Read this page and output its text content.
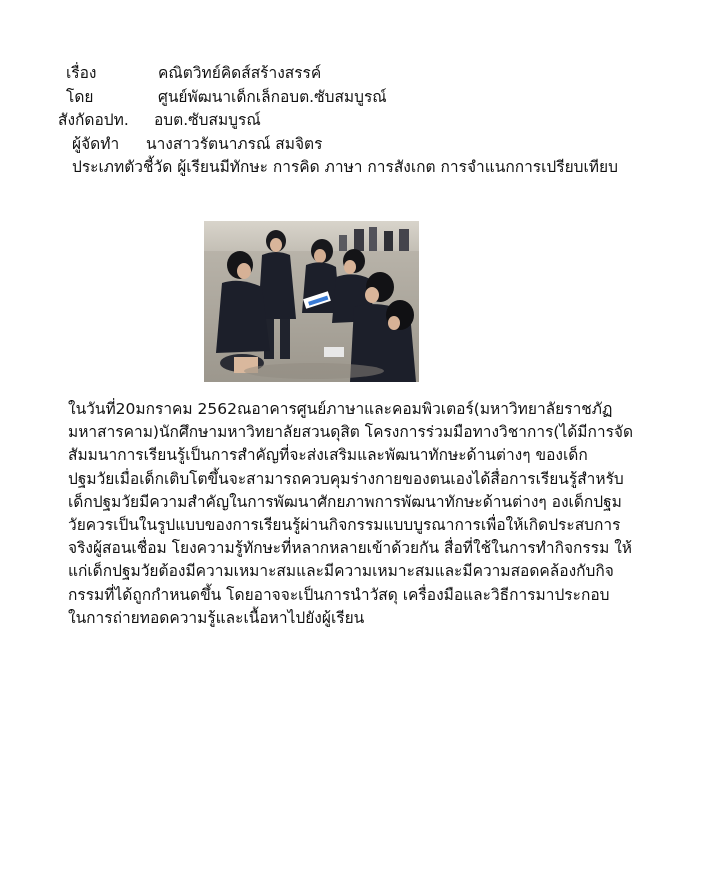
เรื่อง	คณิตวิทย์คิดส์สร้างสรรค์
โดย	ศูนย์พัฒนาเด็กเล็กอบต.ซับสมบูรณ์
สังกัดอปท. อบต.ซับสมบูรณ์
ผู้จัดทำ นางสาวรัตนาภรณ์ สมจิตร
ประเภทตัวชี้วัด ผู้เรียนมีทักษะ การคิด ภาษา การสังเกต การจำแนกการเปรียบเทียบ
ในวันที่20มกราคม 2562ณอาคารศูนย์ภาษาและคอมพิวเตอร์(มหาวิทยาลัยราชภัฏ
มหาสารคาม)นักศึกษามหาวิทยาลัยสวนดุสิต โครงการร่วมมือทางวิชาการ(ได้มีการจัด
สัมมนาการเรียนรู้เป็นการสำคัญที่จะส่งเสริมและพัฒนาทักษะด้านต่างๆ ของเด็ก
ปฐมวัยเมื่อเด็กเติบโตขึ้นจะสามารถควบคุมร่างกายของตนเองได้สื่อการเรียนรู้สำหรับ
เด็กปฐมวัยมีความสำคัญในการพัฒนาศักยภาพการพัฒนาทักษะด้านต่างๆ องเด็กปฐม
วัยควรเป็นในรูปแบบของการเรียนรู้ผ่านกิจกรรมแบบบูรณาการเพื่อให้เกิดประสบการ
จริงผู้สอนเชื่อม โยงความรู้ทักษะที่หลากหลายเข้าด้วยกัน สื่อที่ใช้ในการทำกิจกรรม ให้
แก่เด็กปฐมวัยต้องมีความเหมาะสมและมีความเหมาะสมและมีความสอดคล้องกับกิจ
กรรมที่ได้ถูกกำหนดขึ้น โดยอาจจะเป็นการนำวัสดุ เครื่องมือและวิธีการมาประกอบ
ในการถ่ายทอดความรู้และเนื้อหาไปยังผู้เรียน
